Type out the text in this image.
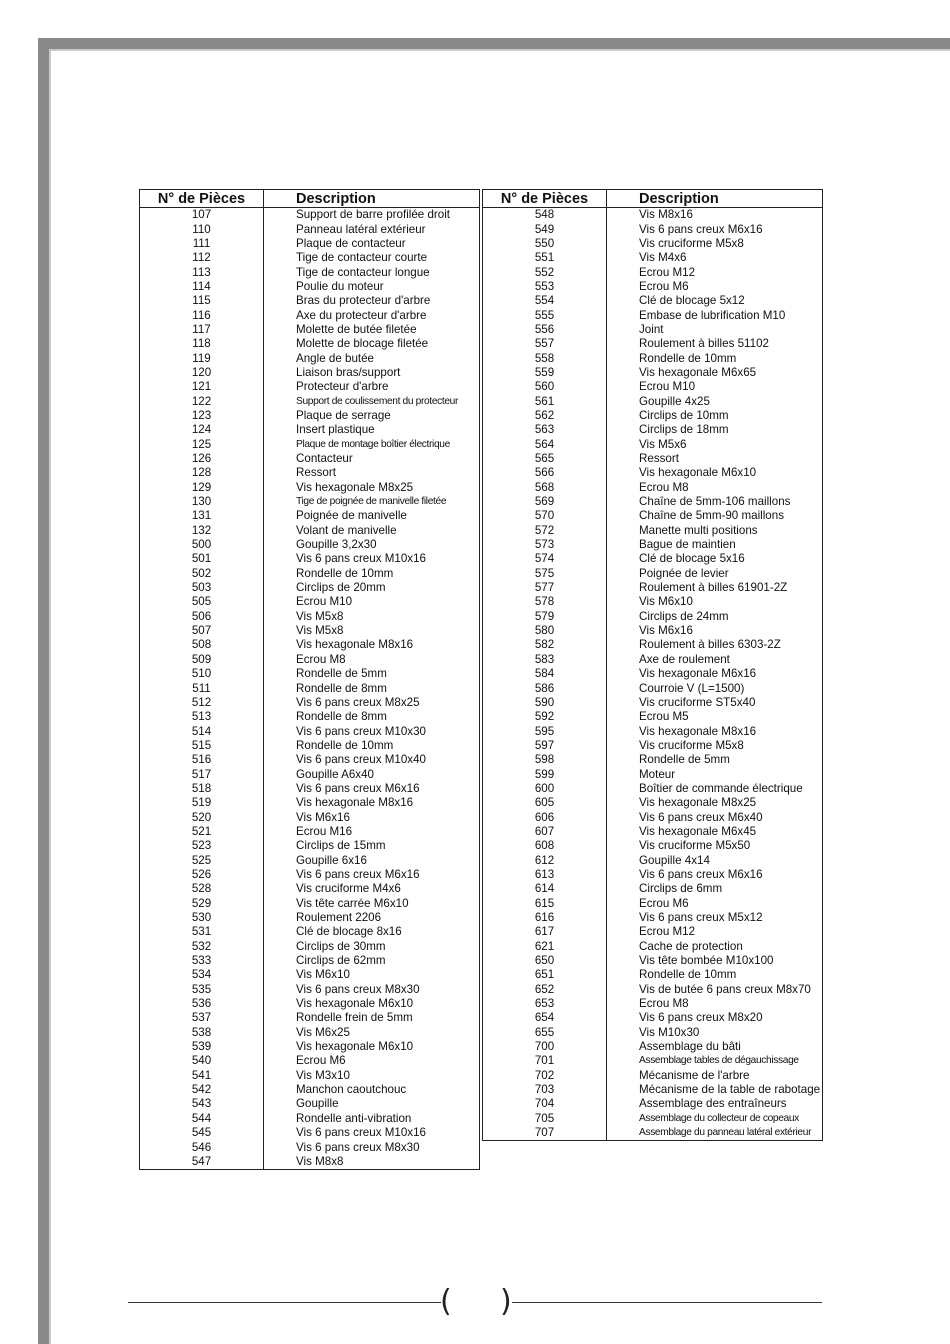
N° de Pièces	Description
107	Support de barre profilée droit
110	Panneau latéral extérieur
111	Plaque de contacteur
112	Tige de contacteur courte
113	Tige de contacteur longue
114	Poulie du moteur
115	Bras du protecteur d'arbre
116	Axe du protecteur d'arbre
117	Molette de butée filetée
118	Molette de blocage filetée
119	Angle de butée
120	Liaison bras/support
121	Protecteur d'arbre
122	Support de coulissement du protecteur
123	Plaque de serrage
124	Insert plastique
125	Plaque de montage boîtier électrique
126	Contacteur
128	Ressort
129	Vis hexagonale M8x25
130	Tige de poignée de manivelle filetée
131	Poignée de manivelle
132	Volant de manivelle
500	Goupille 3,2x30
501	Vis 6 pans creux M10x16
502	Rondelle de 10mm
503	Circlips de 20mm
505	Ecrou M10
506	Vis M5x8
507	Vis M5x8
508	Vis hexagonale M8x16
509	Ecrou M8
510	Rondelle de 5mm
511	Rondelle de 8mm
512	Vis 6 pans creux M8x25
513	Rondelle de 8mm
514	Vis 6 pans creux M10x30
515	Rondelle de 10mm
516	Vis 6 pans creux M10x40
517	Goupille A6x40
518	Vis 6 pans creux M6x16
519	Vis hexagonale M8x16
520	Vis M6x16
521	Ecrou M16
523	Circlips de 15mm
525	Goupille 6x16
526	Vis 6 pans creux M6x16
528	Vis cruciforme M4x6
529	Vis tête carrée M6x10
530	Roulement 2206
531	Clé de blocage 8x16
532	Circlips de 30mm
533	Circlips de 62mm
534	Vis M6x10
535	Vis 6 pans creux M8x30
536	Vis hexagonale M6x10
537	Rondelle frein de 5mm
538	Vis M6x25
539	Vis hexagonale M6x10
540	Ecrou M6
541	Vis M3x10
542	Manchon caoutchouc
543	Goupille
544	Rondelle anti-vibration
545	Vis 6 pans creux M10x16
546	Vis 6 pans creux M8x30
547	Vis M8x8
N° de Pièces	Description
548	Vis M8x16
549	Vis 6 pans creux M6x16
550	Vis cruciforme M5x8
551	Vis M4x6
552	Ecrou M12
553	Ecrou M6
554	Clé de blocage 5x12
555	Embase de lubrification M10
556	Joint
557	Roulement à billes 51102
558	Rondelle de 10mm
559	Vis hexagonale M6x65
560	Ecrou M10
561	Goupille 4x25
562	Circlips de 10mm
563	Circlips de 18mm
564	Vis M5x6
565	Ressort
566	Vis hexagonale M6x10
568	Ecrou M8
569	Chaîne de 5mm-106 maillons
570	Chaîne de 5mm-90 maillons
572	Manette multi positions
573	Bague de maintien
574	Clé de blocage 5x16
575	Poignée de levier
577	Roulement à billes 61901-2Z
578	Vis M6x10
579	Circlips de 24mm
580	Vis M6x16
582	Roulement à billes 6303-2Z
583	Axe de roulement
584	Vis hexagonale M6x16
586	Courroie V (L=1500)
590	Vis cruciforme ST5x40
592	Ecrou M5
595	Vis hexagonale M8x16
597	Vis cruciforme M5x8
598	Rondelle de 5mm
599	Moteur
600	Boîtier de commande électrique
605	Vis hexagonale M8x25
606	Vis 6 pans creux M6x40
607	Vis hexagonale M6x45
608	Vis cruciforme M5x50
612	Goupille 4x14
613	Vis 6 pans creux M6x16
614	Circlips de 6mm
615	Ecrou M6
616	Vis 6 pans creux M5x12
617	Ecrou M12
621	Cache de protection
650	Vis tête bombée M10x100
651	Rondelle de 10mm
652	Vis de butée 6 pans creux M8x70
653	Ecrou M8
654	Vis 6 pans creux M8x20
655	Vis M10x30
700	Assemblage du bâti
701	Assemblage tables de dégauchissage
702	Mécanisme de l'arbre
703	Mécanisme de la table de rabotage
704	Assemblage des entraîneurs
705	Assemblage du collecteur de copeaux
707	Assemblage du panneau latéral extérieur
( )
